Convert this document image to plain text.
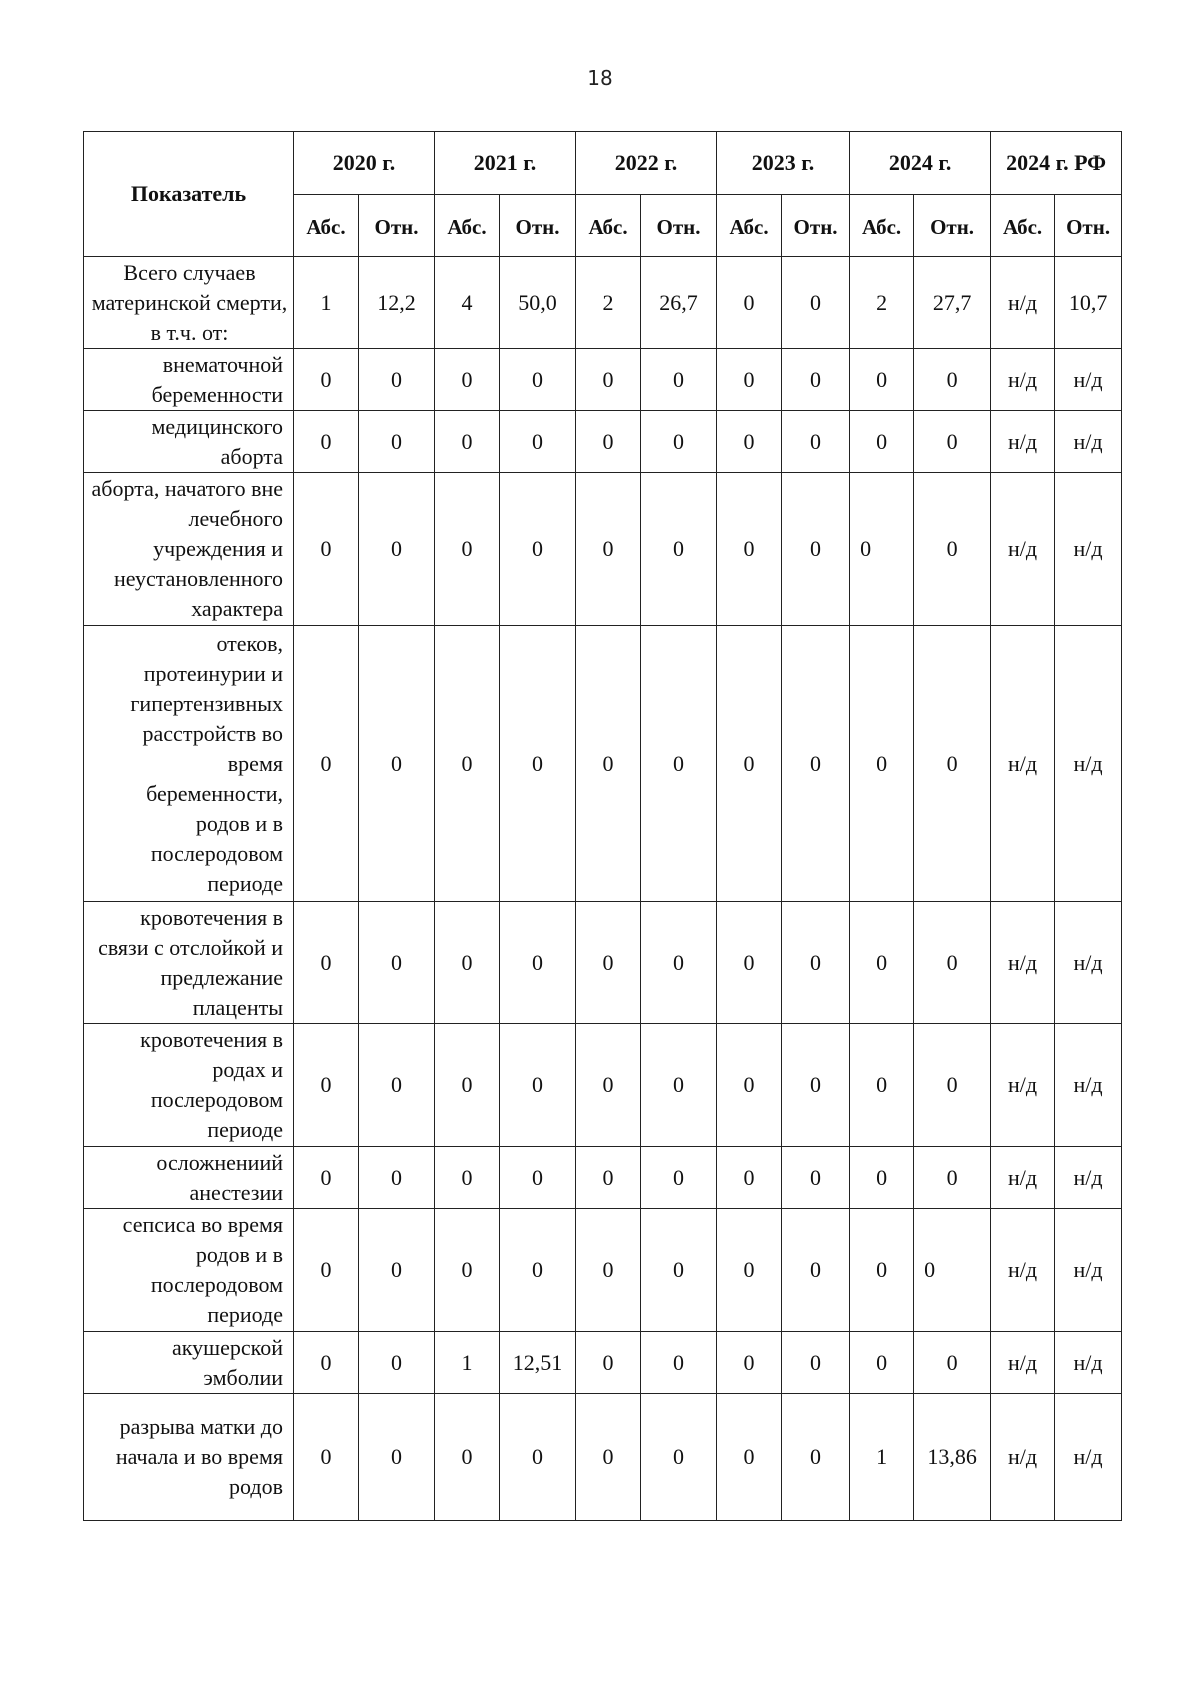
18
Показатель	2020 г.		2021 г.		2022 г.		2023 г.		2024 г.		2024 г. РФ	
	Абс.	Отн.	Абс.	Отн.	Абс.	Отн.	Абс.	Отн.	Абс.	Отн.	Абс.	Отн.
Всего случаев материнской смерти, в т.ч. от:	1	12,2	4	50,0	2	26,7	0	0	2	27,7	н/д	10,7
внематочной беременности	0	0	0	0	0	0	0	0	0	0	н/д	н/д
медицинского аборта	0	0	0	0	0	0	0	0	0	0	н/д	н/д
аборта, начатого вне лечебного учреждения и неустановленного характера	0	0	0	0	0	0	0	0	0	0	н/д	н/д
отеков, протеинурии и гипертензивных расстройств во время беременности, родов и в послеродовом периоде	0	0	0	0	0	0	0	0	0	0	н/д	н/д
кровотечения в связи с отслойкой и предлежание плаценты	0	0	0	0	0	0	0	0	0	0	н/д	н/д
кровотечения в родах и послеродовом периоде	0	0	0	0	0	0	0	0	0	0	н/д	н/д
осложнениий анестезии	0	0	0	0	0	0	0	0	0	0	н/д	н/д
сепсиса во время родов и в послеродовом периоде	0	0	0	0	0	0	0	0	0	0	н/д	н/д
акушерской эмболии	0	0	1	12,51	0	0	0	0	0	0	н/д	н/д
разрыва матки до начала и во время родов	0	0	0	0	0	0	0	0	1	13,86	н/д	н/д
